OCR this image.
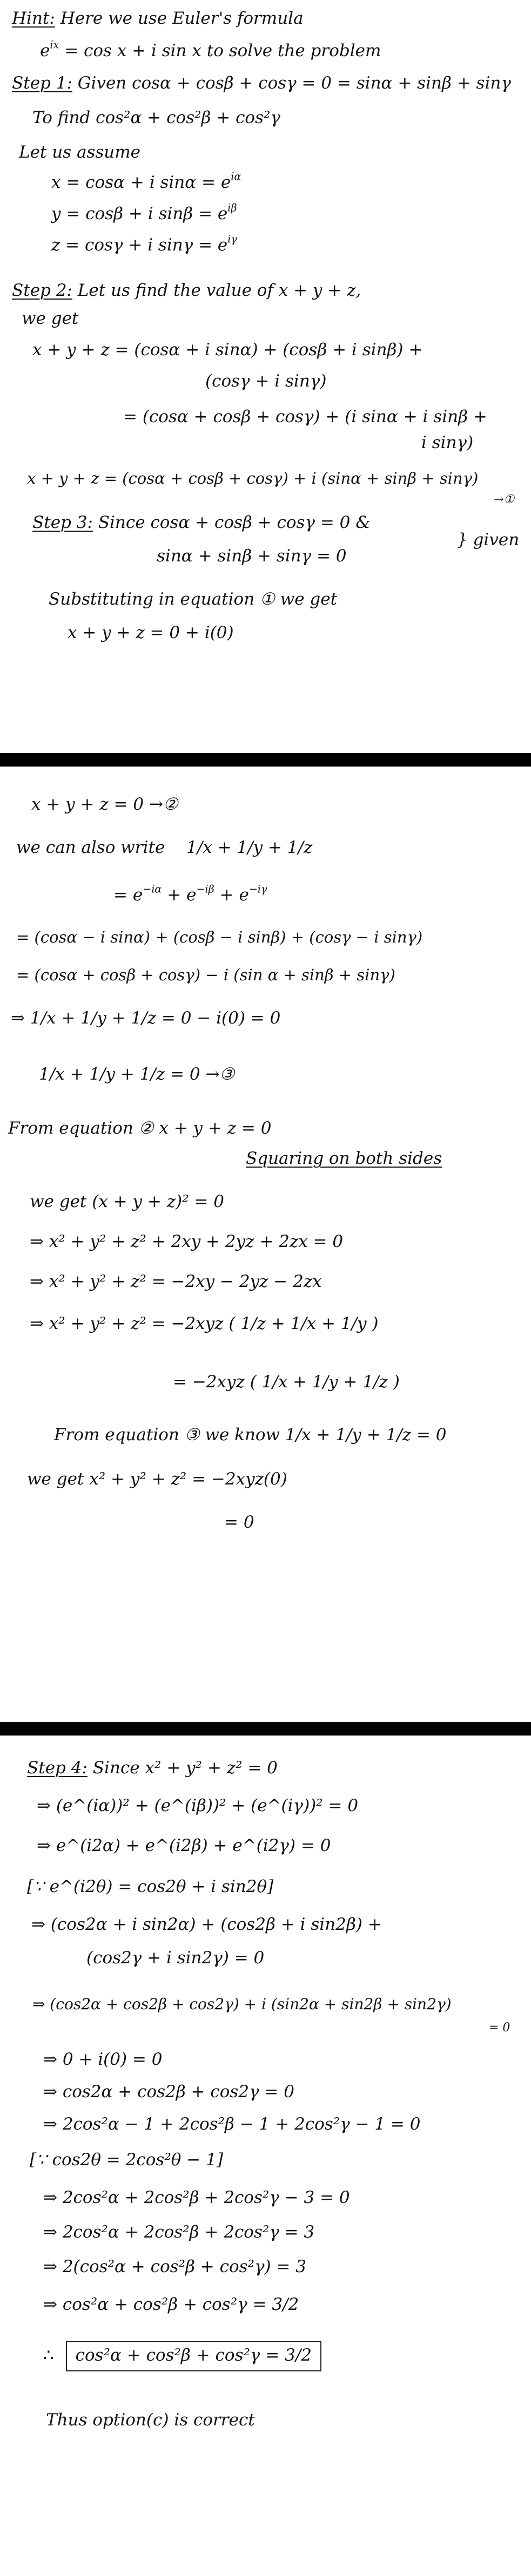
Hint: Here we use Euler's formula
$e^{ix} = \cos x + i$ sin x to solve the problem
Step 1: Given cosα + cosβ + cosγ = 0 = sinα + sinβ + sinγ
To find cos²α + cos²β + cos²γ
Let us assume
x = cosα + i $\sin\alpha = e^{i\alpha}$
y = cosβ + i $\sin\beta = e^{i\beta}$
z = cosγ + i $\sin\gamma = e^{i\gamma}$
Step 2: Let us find the value of x + y + z,
we get
x + y + z = (cosα + i sinα) + (cosβ + i sinβ) +
(cosγ + i sinγ)
= (cosα + cosβ + cosγ) + (i sinα + i sinβ +
i sinγ)
x + y + z = (cosα + cosβ + cosγ) + i (sinα + sinβ + sinγ)
→①
Step 3: Since cosα + cosβ + cosγ = 0 &
sinα + sinβ + sinγ = 0
} given
Substituting in equation ① we get
x + y + z = 0 + i(0)
x + y + z = 0 →②
we can also write 1/x + 1/y + 1/z
= $e^{-i\alpha} + e^{-i\beta} + e^{-i\gamma}$
= (cosα − i sinα) + (cosβ − i sinβ) + (cosγ − i sinγ)
= (cosα + cosβ + cosγ) − i (sin α + sinβ + sinγ)
⇒ 1/x + 1/y + 1/z = 0 − i(0) = 0
1/x + 1/y + 1/z = 0 →③
From equation ② x + y + z = 0
Squaring on both sides
we get (x + y + z)² = 0
⇒ x² + y² + z² + 2xy + 2yz + 2zx = 0
⇒ x² + y² + z² = −2xy − 2yz − 2zx
⇒ x² + y² + z² = −2xyz ( 1/z + 1/x + 1/y )
= −2xyz ( 1/x + 1/y + 1/z )
From equation ③ we know 1/x + 1/y + 1/z = 0
we get x² + y² + z² = −2xyz(0)
= 0
Step 4: Since x² + y² + z² = 0
⇒ (e^(iα))² + (e^(iβ))² + (e^(iγ))² = 0
⇒ e^(i2α) + e^(i2β) + e^(i2γ) = 0
[∵ e^(i2θ) = cos2θ + i sin2θ]
⇒ (cos2α + i sin2α) + (cos2β + i sin2β) +
(cos2γ + i sin2γ) = 0
⇒ (cos2α + cos2β + cos2γ) + i (sin2α + sin2β + sin2γ)
= 0
⇒ 0 + i(0) = 0
⇒ cos2α + cos2β + cos2γ = 0
⇒ 2cos²α − 1 + 2cos²β − 1 + 2cos²γ − 1 = 0
[∵ cos2θ = 2cos²θ − 1]
⇒ 2cos²α + 2cos²β + 2cos²γ − 3 = 0
⇒ 2cos²α + 2cos²β + 2cos²γ = 3
⇒ 2(cos²α + cos²β + cos²γ) = 3
⇒ cos²α + cos²β + cos²γ = 3/2
∴ cos²α + cos²β + cos²γ = 3/2
Thus option(c) is correct
